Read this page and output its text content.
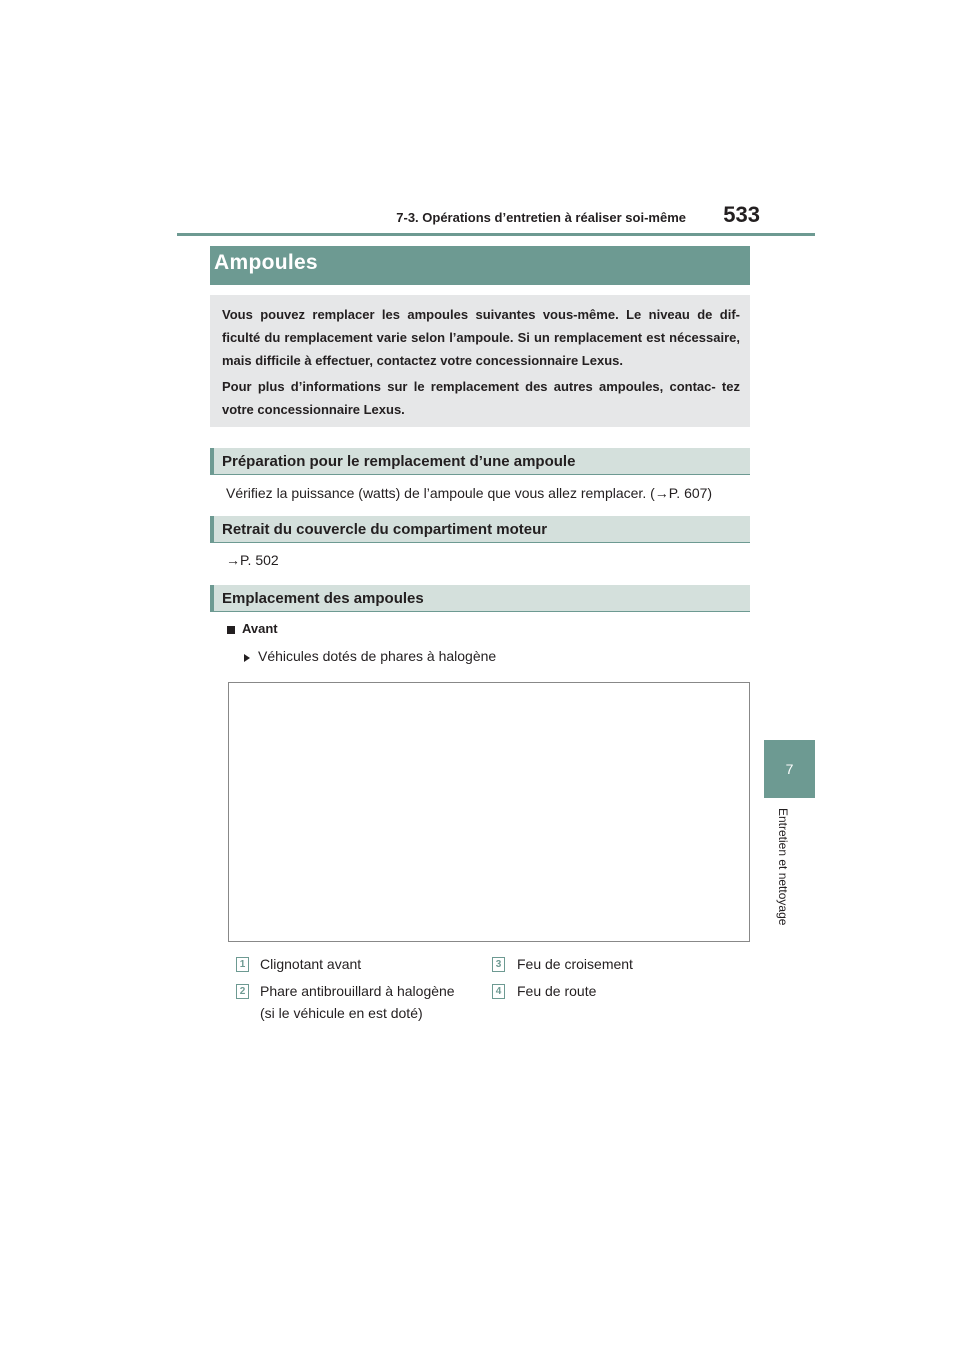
7-3. Opérations d’entretien à réaliser soi-même	533
7
Entretien et nettoyage
Ampoules

Vous pouvez remplacer les ampoules suivantes vous-même. Le niveau de dif- ficulté du remplacement varie selon l’ampoule. Si un remplacement est nécessaire, mais difficile à effectuer, contactez votre concessionnaire Lexus.

Pour plus d’informations sur le remplacement des autres ampoules, contac- tez votre concessionnaire Lexus.

Préparation pour le remplacement d’une ampoule
Vérifiez la puissance (watts) de l’ampoule que vous allez remplacer. (→P. 607)
Retrait du couvercle du compartiment moteur
→P. 502
Emplacement des ampoules
Avant
Véhicules dotés de phares à halogène
1 Clignotant avant
2 Phare antibrouillard à halogène
(si le véhicule en est doté)
3 Feu de croisement
4 Feu de route
